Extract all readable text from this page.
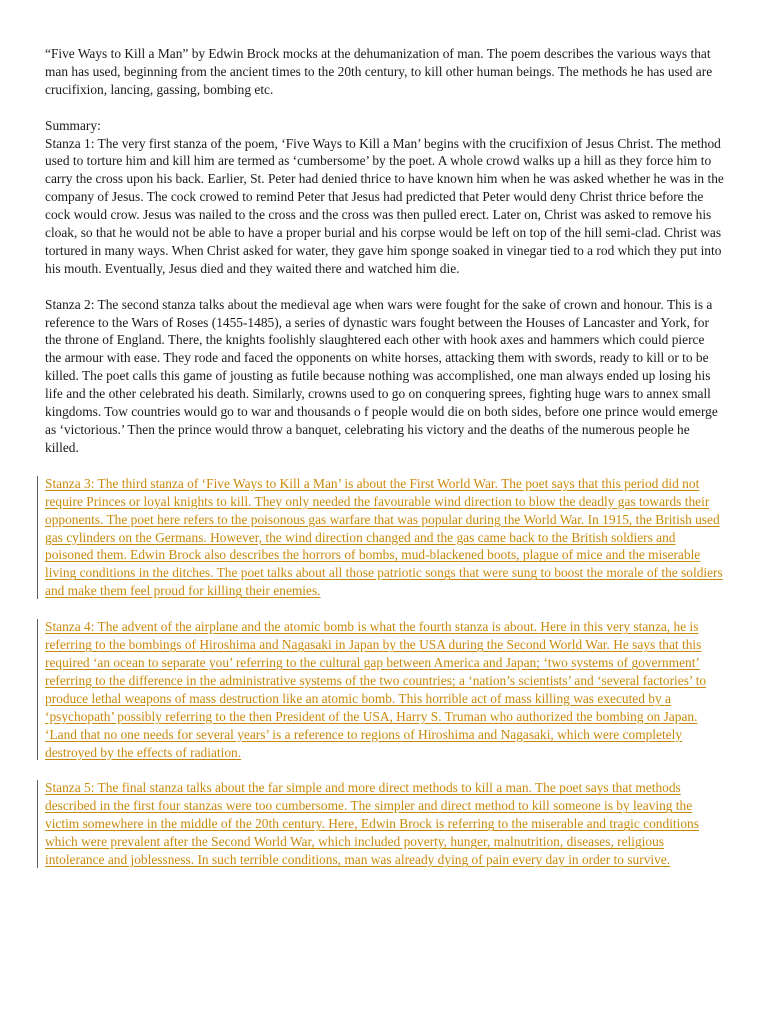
“Five Ways to Kill a Man” by Edwin Brock mocks at the dehumanization of man. The poem describes the various ways that man has used, beginning from the ancient times to the 20th century, to kill other human beings. The methods he has used are crucifixion, lancing, gassing, bombing etc.

Summary:

Stanza 1: The very first stanza of the poem, ‘Five Ways to Kill a Man’ begins with the crucifixion of Jesus Christ. The method used to torture him and kill him are termed as ‘cumbersome’ by the poet. A whole crowd walks up a hill as they force him to carry the cross upon his back. Earlier, St. Peter had denied thrice to have known him when he was asked whether he was in the company of Jesus. The cock crowed to remind Peter that Jesus had predicted that Peter would deny Christ thrice before the cock would crow. Jesus was nailed to the cross and the cross was then pulled erect. Later on, Christ was asked to remove his cloak, so that he would not be able to have a proper burial and his corpse would be left on top of the hill semi-clad. Christ was tortured in many ways. When Christ asked for water, they gave him sponge soaked in vinegar tied to a rod which they put into his mouth. Eventually, Jesus died and they waited there and watched him die.

Stanza 2: The second stanza talks about the medieval age when wars were fought for the sake of crown and honour. This is a reference to the Wars of Roses (1455-1485), a series of dynastic wars fought between the Houses of Lancaster and York, for the throne of England. There, the knights foolishly slaughtered each other with hook axes and hammers which could pierce the armour with ease. They rode and faced the opponents on white horses, attacking them with swords, ready to kill or to be killed. The poet calls this game of jousting as futile because nothing was accomplished, one man always ended up losing his life and the other celebrated his death. Similarly, crowns used to go on conquering sprees, fighting huge wars to annex small kingdoms. Tow countries would go to war and thousands o f people would die on both sides, before one prince would emerge as ‘victorious.’ Then the prince would throw a banquet, celebrating his victory and the deaths of the numerous people he killed.

Stanza 3: The third stanza of ‘Five Ways to Kill a Man’ is about the First World War. The poet says that this period did not require Princes or loyal knights to kill. They only needed the favourable wind direction to blow the deadly gas towards their opponents. The poet here refers to the poisonous gas warfare that was popular during the World War. In 1915, the British used gas cylinders on the Germans. However, the wind direction changed and the gas came back to the British soldiers and poisoned them. Edwin Brock also describes the horrors of bombs, mud-blackened boots, plague of mice and the miserable living conditions in the ditches. The poet talks about all those patriotic songs that were sung to boost the morale of the soldiers and make them feel proud for killing their enemies.

Stanza 4: The advent of the airplane and the atomic bomb is what the fourth stanza is about. Here in this very stanza, he is referring to the bombings of Hiroshima and Nagasaki in Japan by the USA during the Second World War. He says that this required ‘an ocean to separate you’ referring to the cultural gap between America and Japan; ‘two systems of government’ referring to the difference in the administrative systems of the two countries; a ‘nation’s scientists’ and ‘several factories’ to produce lethal weapons of mass destruction like an atomic bomb. This horrible act of mass killing was executed by a ‘psychopath’ possibly referring to the then President of the USA, Harry S. Truman who authorized the bombing on Japan. ‘Land that no one needs for several years’ is a reference to regions of Hiroshima and Nagasaki, which were completely destroyed by the effects of radiation.

Stanza 5: The final stanza talks about the far simple and more direct methods to kill a man. The poet says that methods described in the first four stanzas were too cumbersome. The simpler and direct method to kill someone is by leaving the victim somewhere in the middle of the 20th century. Here, Edwin Brock is referring to the miserable and tragic conditions which were prevalent after the Second World War, which included poverty, hunger, malnutrition, diseases, religious intolerance and joblessness. In such terrible conditions, man was already dying of pain every day in order to survive.
